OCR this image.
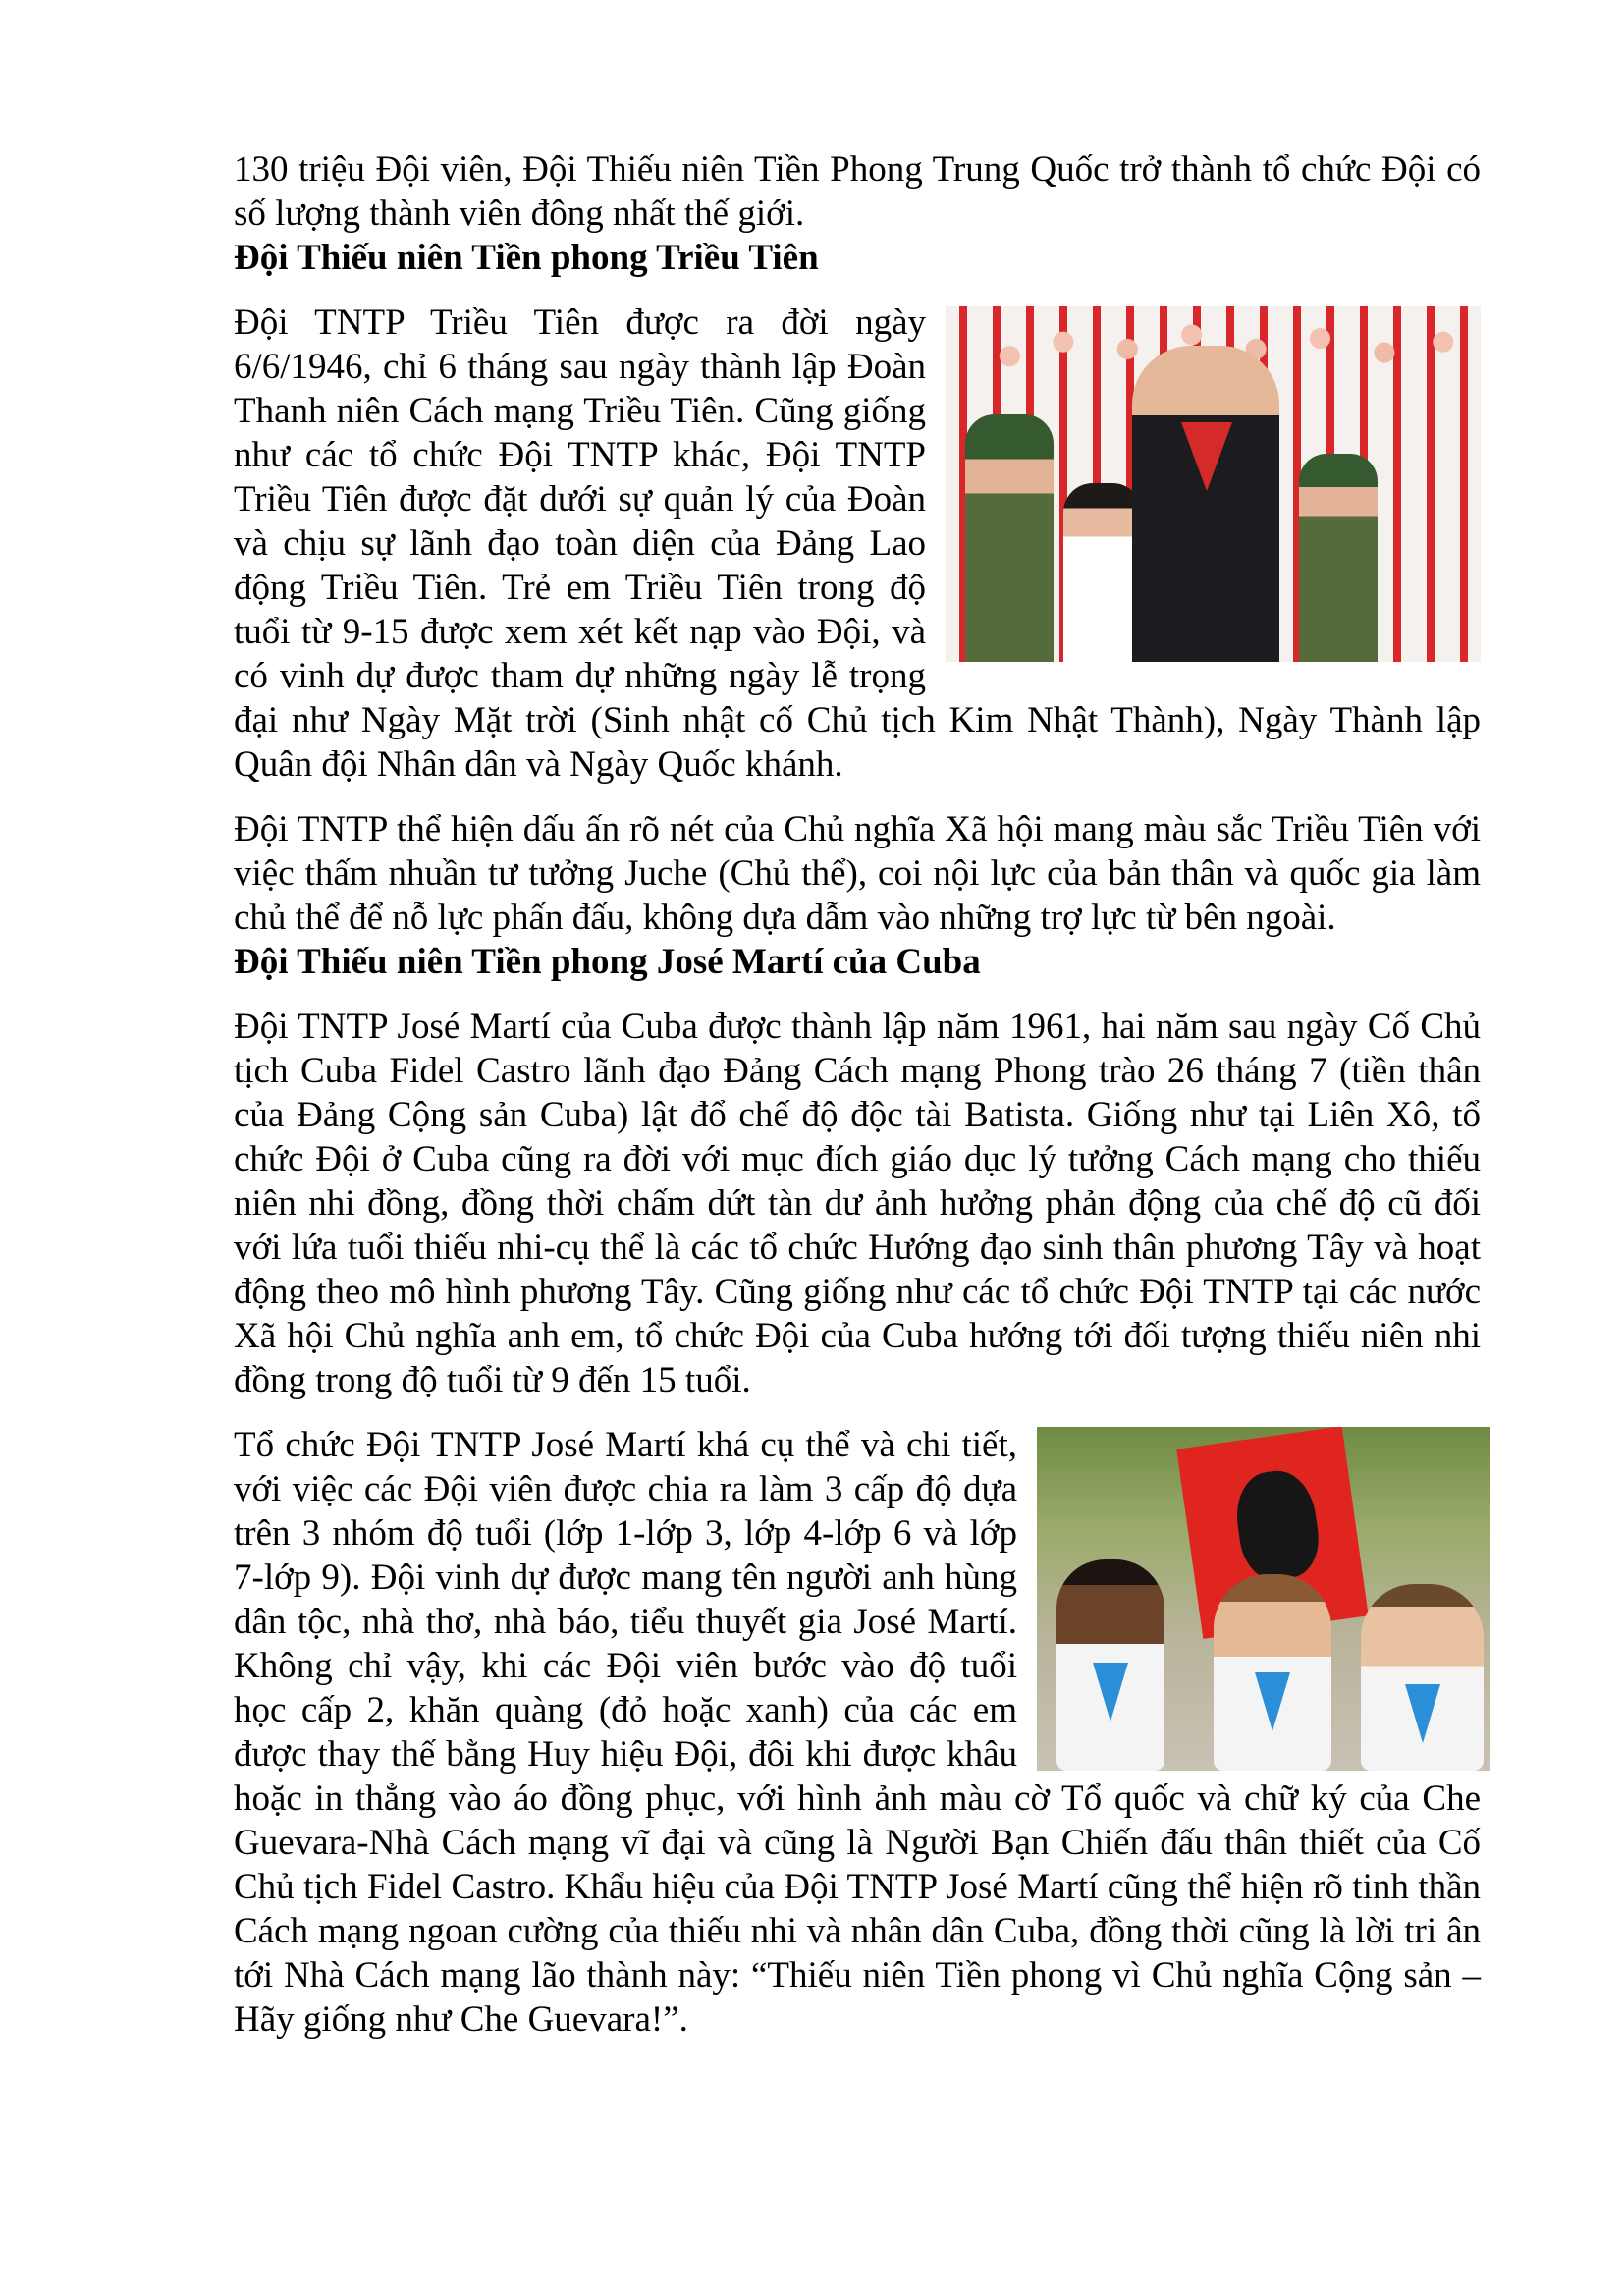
130 triệu Đội viên, Đội Thiếu niên Tiền Phong Trung Quốc trở thành tổ chức Đội có số lượng thành viên đông nhất thế giới.

Đội Thiếu niên Tiền phong Triều Tiên

Đội TNTP Triều Tiên được ra đời ngày 6/6/1946, chỉ 6 tháng sau ngày thành lập Đoàn Thanh niên Cách mạng Triều Tiên. Cũng giống như các tổ chức Đội TNTP khác, Đội TNTP Triều Tiên được đặt dưới sự quản lý của Đoàn và chịu sự lãnh đạo toàn diện của Đảng Lao động Triều Tiên. Trẻ em Triều Tiên trong độ tuổi từ 9-15 được xem xét kết nạp vào Đội, và có vinh dự được tham dự những ngày lễ trọng đại như Ngày Mặt trời (Sinh nhật cố Chủ tịch Kim Nhật Thành), Ngày Thành lập Quân đội Nhân dân và Ngày Quốc khánh.

Đội TNTP thể hiện dấu ấn rõ nét của Chủ nghĩa Xã hội mang màu sắc Triều Tiên với việc thấm nhuần tư tưởng Juche (Chủ thể), coi nội lực của bản thân và quốc gia làm chủ thể để nỗ lực phấn đấu, không dựa dẫm vào những trợ lực từ bên ngoài.

Đội Thiếu niên Tiền phong José Martí của Cuba

Đội TNTP José Martí của Cuba được thành lập năm 1961, hai năm sau ngày Cố Chủ tịch Cuba Fidel Castro lãnh đạo Đảng Cách mạng Phong trào 26 tháng 7 (tiền thân của Đảng Cộng sản Cuba) lật đổ chế độ độc tài Batista. Giống như tại Liên Xô, tổ chức Đội ở Cuba cũng ra đời với mục đích giáo dục lý tưởng Cách mạng cho thiếu niên nhi đồng, đồng thời chấm dứt tàn dư ảnh hưởng phản động của chế độ cũ đối với lứa tuổi thiếu nhi-cụ thể là các tổ chức Hướng đạo sinh thân phương Tây và hoạt động theo mô hình phương Tây. Cũng giống như các tổ chức Đội TNTP tại các nước Xã hội Chủ nghĩa anh em, tổ chức Đội của Cuba hướng tới đối tượng thiếu niên nhi đồng trong độ tuổi từ 9 đến 15 tuổi.

Tổ chức Đội TNTP José Martí khá cụ thể và chi tiết, với việc các Đội viên được chia ra làm 3 cấp độ dựa trên 3 nhóm độ tuổi (lớp 1-lớp 3, lớp 4-lớp 6 và lớp 7-lớp 9). Đội vinh dự được mang tên người anh hùng dân tộc, nhà thơ, nhà báo, tiểu thuyết gia José Martí. Không chỉ vậy, khi các Đội viên bước vào độ tuổi học cấp 2, khăn quàng (đỏ hoặc xanh) của các em được thay thế bằng Huy hiệu Đội, đôi khi được khâu hoặc in thẳng vào áo đồng phục, với hình ảnh màu cờ Tổ quốc và chữ ký của Che Guevara-Nhà Cách mạng vĩ đại và cũng là Người Bạn Chiến đấu thân thiết của Cố Chủ tịch Fidel Castro. Khẩu hiệu của Đội TNTP José Martí cũng thể hiện rõ tinh thần Cách mạng ngoan cường của thiếu nhi và nhân dân Cuba, đồng thời cũng là lời tri ân tới Nhà Cách mạng lão thành này: “Thiếu niên Tiền phong vì Chủ nghĩa Cộng sản – Hãy giống như Che Guevara!”.
